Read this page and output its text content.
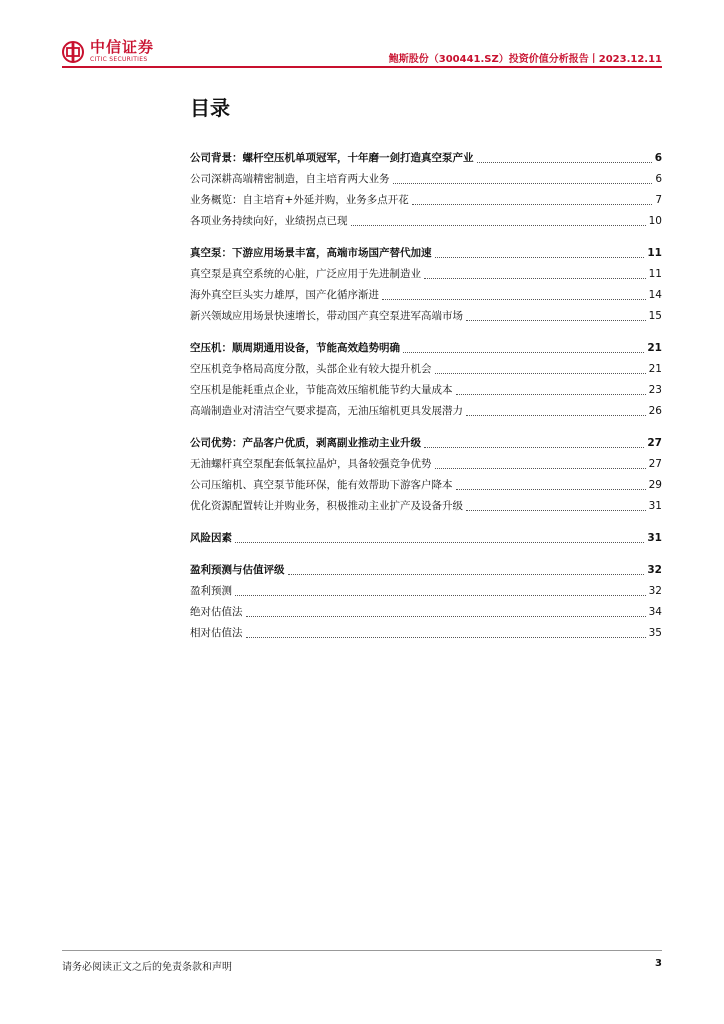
中信证券
CITIC SECURITIES	鲍斯股份（300441.SZ）投资价值分析报告丨2023.12.11
目录
公司背景：螺杆空压机单项冠军，十年磨一剑打造真空泵产业	6
公司深耕高端精密制造，自主培育两大业务	6
业务概览：自主培育+外延并购，业务多点开花	7
各项业务持续向好，业绩拐点已现	10
真空泵：下游应用场景丰富，高端市场国产替代加速	11
真空泵是真空系统的心脏，广泛应用于先进制造业	11
海外真空巨头实力雄厚，国产化循序渐进	14
新兴领域应用场景快速增长，带动国产真空泵进军高端市场	15
空压机：顺周期通用设备，节能高效趋势明确	21
空压机竞争格局高度分散，头部企业有较大提升机会	21
空压机是能耗重点企业，节能高效压缩机能节约大量成本	23
高端制造业对清洁空气要求提高，无油压缩机更具发展潜力	26
公司优势：产品客户优质，剥离副业推动主业升级	27
无油螺杆真空泵配套低氧拉晶炉，具备较强竞争优势	27
公司压缩机、真空泵节能环保，能有效帮助下游客户降本	29
优化资源配置转让并购业务，积极推动主业扩产及设备升级	31
风险因素	31
盈利预测与估值评级	32
盈利预测	32
绝对估值法	34
相对估值法	35
请务必阅读正文之后的免责条款和声明	3
